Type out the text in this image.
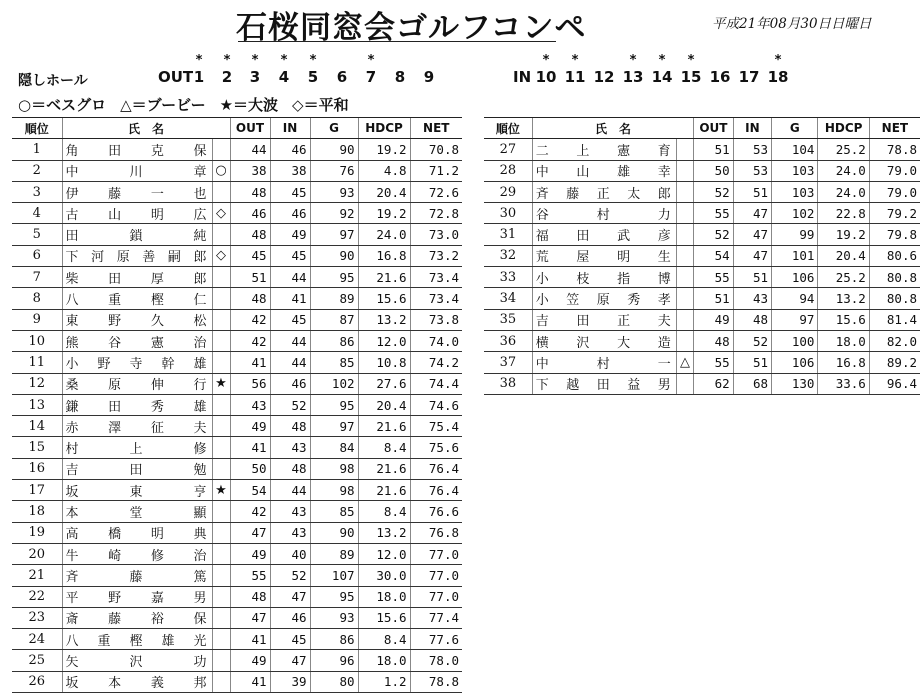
石桜同窓会ゴルフコンペ	平成21年08月30日日曜日
隠しホール	OUT 1
*
2
*
3
*
4
*
5
*
6	7
*
8	9	IN 10
*
11
*
12 13
*
14
*
15
*
16 17 18
*
○＝ベスグロ △＝ブービー ★＝大波 ◇＝平和
順位	氏　名		OUT	IN	G	HDCP	NET
1	角田克保		44	46	90	19.2	70.8
2	中川章	○	38	38	76	4.8	71.2
3	伊藤一也		48	45	93	20.4	72.6
4	古山明広	◇	46	46	92	19.2	72.8
5	田鎖純		48	49	97	24.0	73.0
6	下河原善嗣郎	◇	45	45	90	16.8	73.2
7	柴田厚郎		51	44	95	21.6	73.4
8	八重樫仁		48	41	89	15.6	73.4
9	東野久松		42	45	87	13.2	73.8
10	熊谷憲治		42	44	86	12.0	74.0
11	小野寺幹雄		41	44	85	10.8	74.2
12	桑原伸行	★	56	46	102	27.6	74.4
13	鎌田秀雄		43	52	95	20.4	74.6
14	赤澤征夫		49	48	97	21.6	75.4
15	村上修		41	43	84	8.4	75.6
16	吉田勉		50	48	98	21.6	76.4
17	坂東亨	★	54	44	98	21.6	76.4
18	本堂顯		42	43	85	8.4	76.6
19	高橋明典		47	43	90	13.2	76.8
20	牛崎修治		49	40	89	12.0	77.0
21	斉藤篤		55	52	107	30.0	77.0
22	平野嘉男		48	47	95	18.0	77.0
23	斎藤裕保		47	46	93	15.6	77.4
24	八重樫雄光		41	45	86	8.4	77.6
25	矢沢功		49	47	96	18.0	78.0
26	坂本義邦		41	39	80	1.2	78.8
順位	氏　名		OUT	IN	G	HDCP	NET
27	二上憲育		51	53	104	25.2	78.8
28	中山雄幸		50	53	103	24.0	79.0
29	斉藤正太郎		52	51	103	24.0	79.0
30	谷村力		55	47	102	22.8	79.2
31	福田武彦		52	47	99	19.2	79.8
32	荒屋明生		54	47	101	20.4	80.6
33	小枝指博		55	51	106	25.2	80.8
34	小笠原秀孝		51	43	94	13.2	80.8
35	吉田正夫		49	48	97	15.6	81.4
36	横沢大造		48	52	100	18.0	82.0
37	中村一	△	55	51	106	16.8	89.2
38	下越田益男		62	68	130	33.6	96.4
